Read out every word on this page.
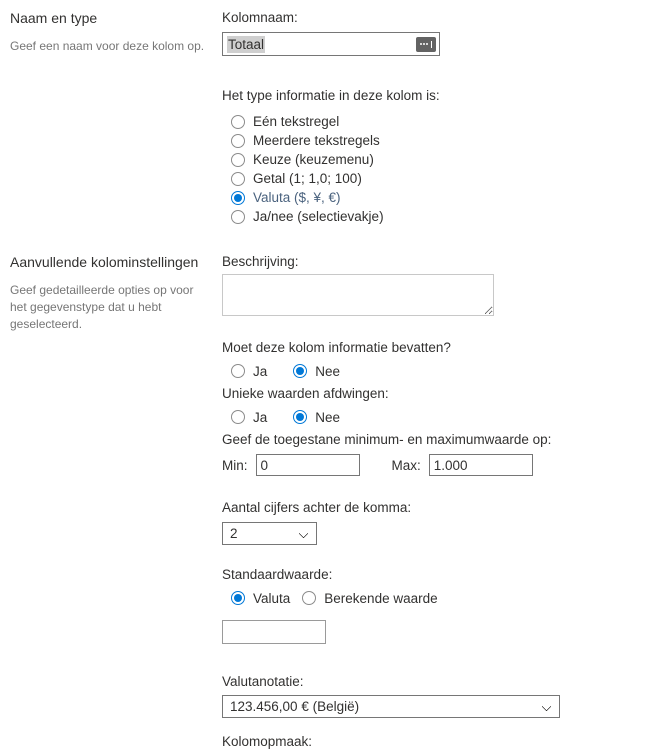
Naam en type

Geef een naam voor deze kolom op.

Kolomnaam:
Totaal
Het type informatie in deze kolom is:
Eén tekstregel
Meerdere tekstregels
Keuze (keuzemenu)
Getal (1; 1,0; 100)
Valuta ($, ¥, €)
Ja/nee (selectievakje)
Aanvullende kolominstellingen

Geef gedetailleerde opties op voor het gegevenstype dat u hebt geselecteerd.

Beschrijving:
Moet deze kolom informatie bevatten?
Ja	Nee
Unieke waarden afdwingen:
Ja	Nee
Geef de toegestane minimum- en maximumwaarde op:
Min:
0	Max:
1.000
Aantal cijfers achter de komma:
2
Standaardwaarde:
Valuta	Berekende waarde
Valutanotatie:
123.456,00 € (België)
Kolomopmaak:
